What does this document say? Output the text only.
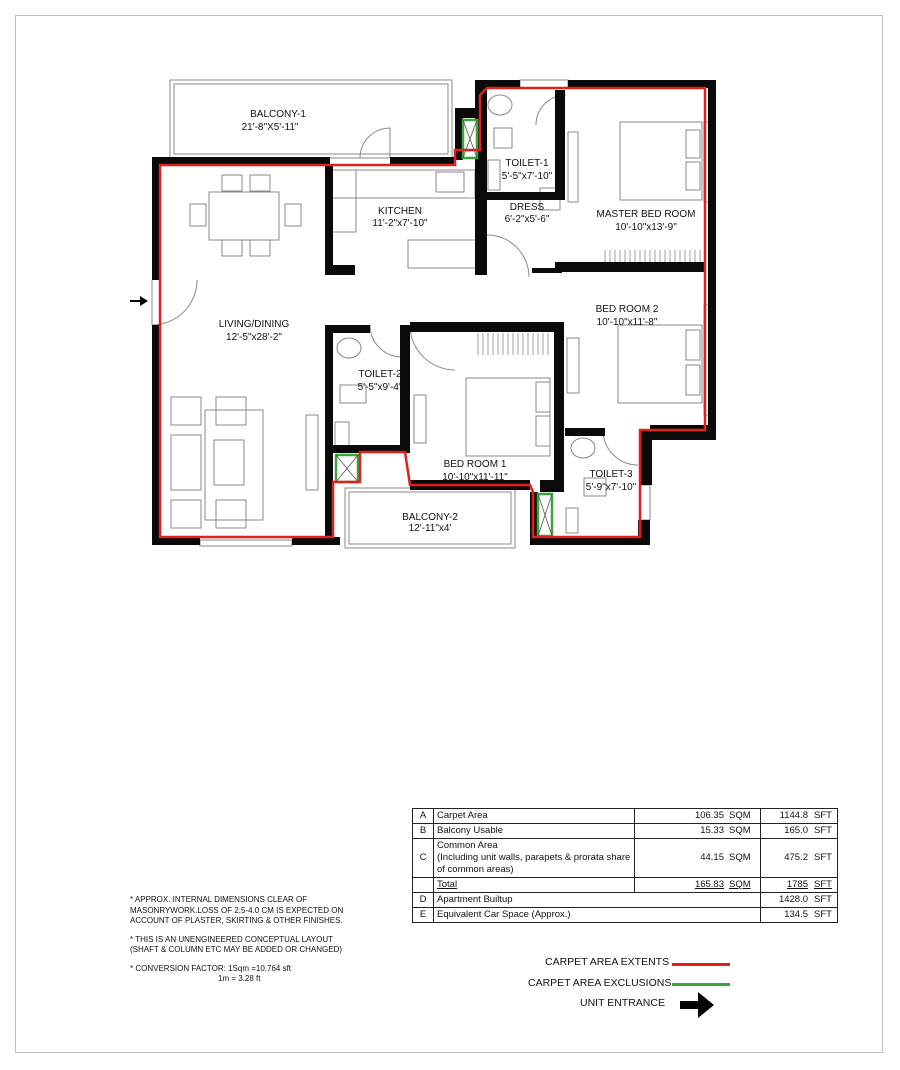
BALCONY-1
21'-8"X5'-11"
KITCHEN
11'-2"x7'-10"
TOILET-1
5'-5"x7'-10"
DRESS
6'-2"x5'-6"	MASTER BED ROOM
10'-10"x13'-9"
BED ROOM 2
10'-10"x11'-8"
LIVING/DINING
12'-5"x28'-2"
TOILET-2
5'-5"x9'-4"
BED ROOM 1
10'-10"x11'-11"	TOILET-3
5'-9"x7'-10"
BALCONY-2
12'-11"x4'
A	Carpet Area	106.35	SQM	1144.8	SFT
B	Balcony Usable	15.33	SQM	165.0	SFT
C	Common Area
(Including unit walls, parapets & prorata share of common areas)	44.15	SQM	475.2	SFT
	Total	165.83	SQM	1785	SFT
D	Apartment Builtup			1428.0	SFT
E	Equivalent Car Space (Approx.)			134.5	SFT

* APPROX. INTERNAL DIMENSIONS CLEAR OF MASONRYWORK.LOSS OF 2.5-4.0 CM IS EXPECTED ON ACCOUNT OF PLASTER, SKIRTING & OTHER FINISHES.

* THIS IS AN UNENGINEERED CONCEPTUAL LAYOUT (SHAFT & COLUMN ETC MAY BE ADDED OR CHANGED)

* CONVERSION FACTOR: 1Sqm =10.764 sft
1m = 3.28 ft
CARPET AREA EXTENTS
CARPET AREA EXCLUSIONS
UNIT ENTRANCE
